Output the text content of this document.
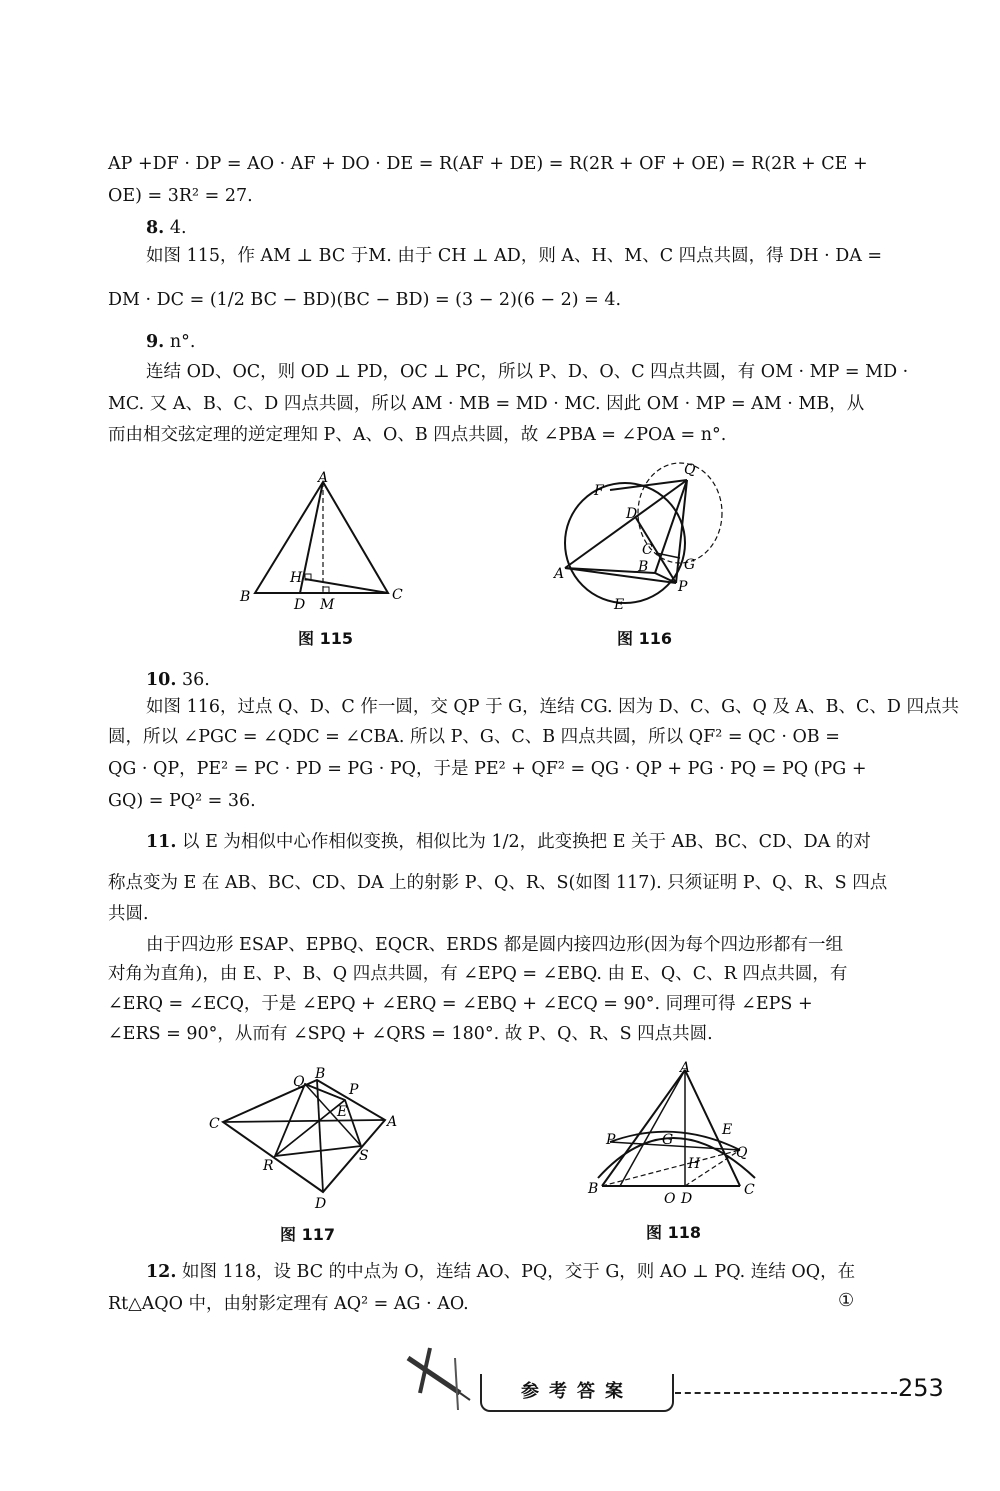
AP +DF · DP = AO · AF + DO · DE = R(AF + DE) = R(2R + OF + OE) = R(2R + CE +
OE) = 3R² = 27.
8. 4.
如图 115，作 AM ⊥ BC 于M. 由于 CH ⊥ AD，则 A、H、M、C 四点共圆，得 DH · DA =
DM · DC = (1/2 BC − BD)(BC − BD) = (3 − 2)(6 − 2) = 4.
9. n°.
连结 OD、OC，则 OD ⊥ PD，OC ⊥ PC，所以 P、D、O、C 四点共圆，有 OM · MP = MD ·
MC. 又 A、B、C、D 四点共圆，所以 AM · MB = MD · MC. 因此 OM · MP = AM · MB，从
而由相交弦定理的逆定理知 P、A、O、B 四点共圆，故 ∠PBA = ∠POA = n°.
A
B	C
D M
H
图 115
Q
F
D
C
A	B	G
P
E
图 116
10. 36.
如图 116，过点 Q、D、C 作一圆，交 QP 于 G，连结 CG. 因为 D、C、G、Q 及 A、B、C、D 四点共
圆，所以 ∠PGC = ∠QDC = ∠CBA. 所以 P、G、C、B 四点共圆，所以 QF² = QC · OB =
QG · QP，PE² = PC · PD = PG · PQ，于是 PE² + QF² = QG · QP + PG · PQ = PQ (PG +
GQ) = PQ² = 36.
11. 以 E 为相似中心作相似变换，相似比为 1/2，此变换把 E 关于 AB、BC、CD、DA 的对
称点变为 E 在 AB、BC、CD、DA 上的射影 P、Q、R、S(如图 117). 只须证明 P、Q、R、S 四点
共圆.
由于四边形 ESAP、EPBQ、EQCR、ERDS 都是圆内接四边形(因为每个四边形都有一组
对角为直角)，由 E、P、B、Q 四点共圆，有 ∠EPQ = ∠EBQ. 由 E、Q、C、R 四点共圆，有
∠ERQ = ∠ECQ，于是 ∠EPQ + ∠ERQ = ∠EBQ + ∠ECQ = 90°. 同理可得 ∠EPS +
∠ERS = 90°，从而有 ∠SPQ + ∠QRS = 180°. 故 P、Q、R、S 四点共圆.
Q B
P
C
E
A
R
S
D
图 117
A
P	G
E
H
Q
B
O D
C
图 118
12. 如图 118，设 BC 的中点为 O，连结 AO、PQ，交于 G，则 AO ⊥ PQ. 连结 OQ，在
Rt△AQO 中，由射影定理有 AQ² = AG · AO.	①
参考答案	253
